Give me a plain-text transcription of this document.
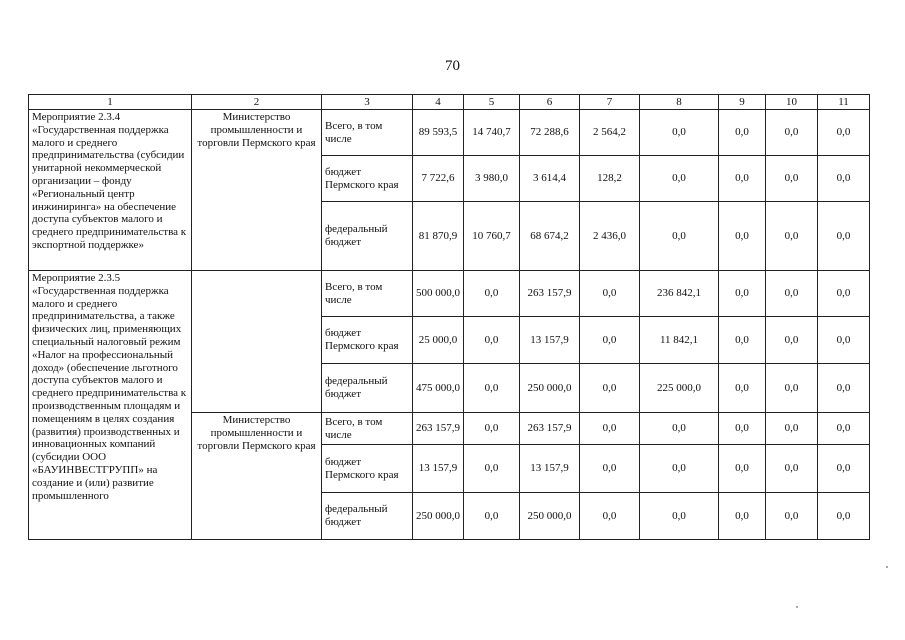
70
1	2	3	4	5	6	7	8	9	10	11
Мероприятие 2.3.4 «Государственная поддержка малого и среднего предпринимательства (субсидии унитарной некоммерческой организации – фонду «Региональный центр инжиниринга» на обеспечение доступа субъектов малого и среднего предпринимательства к экспортной поддержке»	Министерство промышленности и торговли Пермского края	Всего, в том числе	89 593,5	14 740,7	72 288,6	2 564,2	0,0	0,0	0,0	0,0
		бюджет Пермского края	7 722,6	3 980,0	3 614,4	128,2	0,0	0,0	0,0	0,0
		федеральный бюджет	81 870,9	10 760,7	68 674,2	2 436,0	0,0	0,0	0,0	0,0
Мероприятие 2.3.5 «Государственная поддержка малого и среднего предпринимательства, а также физических лиц, применяющих специальный налоговый режим «Налог на профессиональный доход» (обеспечение льготного доступа субъектов малого и среднего предпринимательства к производственным площадям и помещениям в целях создания (развития) производственных и инновационных компаний (субсидии ООО «БАУИНВЕСТГРУПП» на создание и (или) развитие промышленного		Всего, в том числе	500 000,0	0,0	263 157,9	0,0	236 842,1	0,0	0,0	0,0
		бюджет Пермского края	25 000,0	0,0	13 157,9	0,0	11 842,1	0,0	0,0	0,0
		федеральный бюджет	475 000,0	0,0	250 000,0	0,0	225 000,0	0,0	0,0	0,0
	Министерство промышленности и торговли Пермского края	Всего, в том числе	263 157,9	0,0	263 157,9	0,0	0,0	0,0	0,0	0,0
		бюджет Пермского края	13 157,9	0,0	13 157,9	0,0	0,0	0,0	0,0	0,0
		федеральный бюджет	250 000,0	0,0	250 000,0	0,0	0,0	0,0	0,0	0,0
